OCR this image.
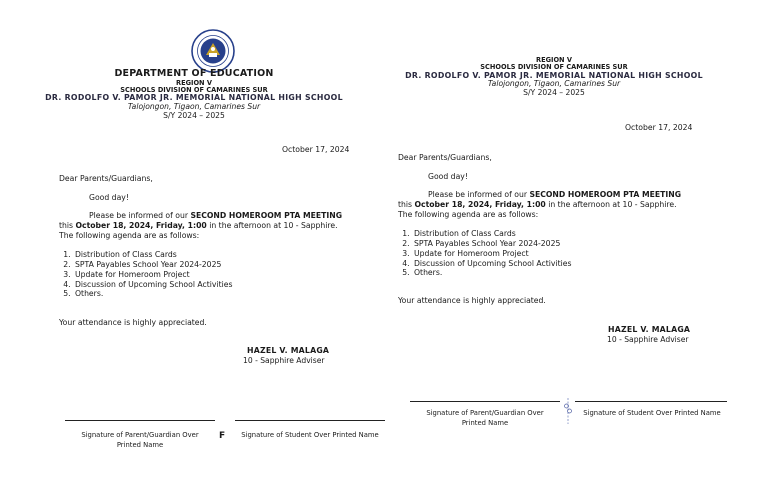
DEPARTMENT OF EDUCATION
REGION V
SCHOOLS DIVISION OF CAMARINES SUR
DR. RODOLFO V. PAMOR JR. MEMORIAL NATIONAL HIGH SCHOOL
Talojongon, Tigaon, Camarines Sur
S/Y 2024 – 2025
October 17, 2024
Dear Parents/Guardians,
Good day!
Please be informed of our SECOND HOMEROOM PTA MEETING
this October 18, 2024, Friday, 1:00 in the afternoon at 10 - Sapphire.
The following agenda are as follows:
1. Distribution of Class Cards
2. SPTA Payables School Year 2024-2025
3. Update for Homeroom Project
4. Discussion of Upcoming School Activities
5. Others.
Your attendance is highly appreciated.
HAZEL V. MALAGA
10 - Sapphire Adviser
Signature of Parent/Guardian Over
Printed Name
F	Signature of Student Over Printed Name
REGION V
SCHOOLS DIVISION OF CAMARINES SUR
DR. RODOLFO V. PAMOR JR. MEMORIAL NATIONAL HIGH SCHOOL
Talojongon, Tigaon, Camarines Sur
S/Y 2024 – 2025
October 17, 2024
Dear Parents/Guardians,
Good day!
Please be informed of our SECOND HOMEROOM PTA MEETING
this October 18, 2024, Friday, 1:00 in the afternoon at 10 - Sapphire.
The following agenda are as follows:
1. Distribution of Class Cards
2. SPTA Payables School Year 2024-2025
3. Update for Homeroom Project
4. Discussion of Upcoming School Activities
5. Others.
Your attendance is highly appreciated.
HAZEL V. MALAGA
10 - Sapphire Adviser
Signature of Parent/Guardian Over
Printed Name
Signature of Student Over Printed Name
